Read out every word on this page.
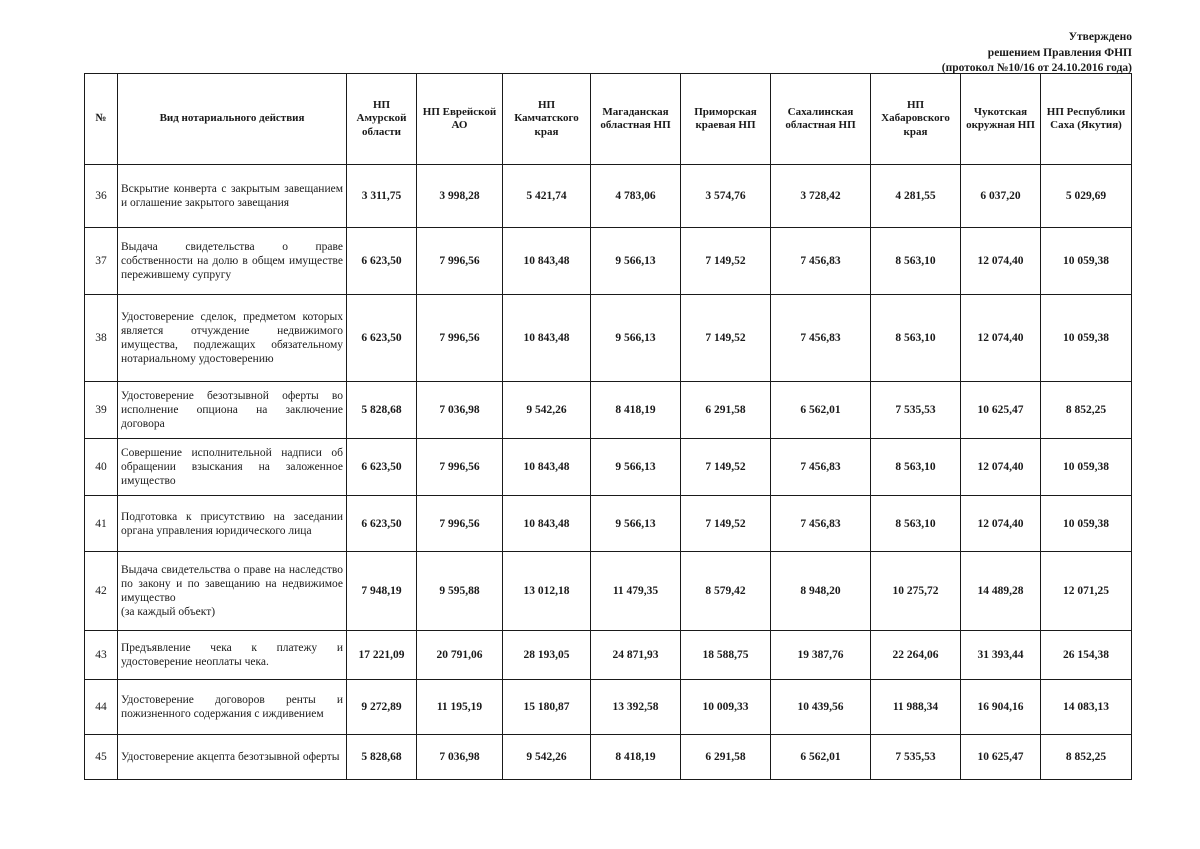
Утверждено
решением Правления ФНП
(протокол №10/16 от 24.10.2016 года)
№	Вид нотариального действия	НП Амурской области	НП Еврейской АО	НП Камчатского края	Магаданская областная НП	Приморская краевая НП	Сахалинская областная НП	НП Хабаровского края	Чукотская окружная НП	НП Республики Саха (Якутия)
36	Вскрытие конверта с закрытым завещанием и оглашение закрытого завещания	3 311,75	3 998,28	5 421,74	4 783,06	3 574,76	3 728,42	4 281,55	6 037,20	5 029,69
37	Выдача свидетельства о праве собственности на долю в общем имуществе пережившему супругу	6 623,50	7 996,56	10 843,48	9 566,13	7 149,52	7 456,83	8 563,10	12 074,40	10 059,38
38	Удостоверение сделок, предметом которых является отчуждение недвижимого имущества, подлежащих обязательному нотариальному удостоверению	6 623,50	7 996,56	10 843,48	9 566,13	7 149,52	7 456,83	8 563,10	12 074,40	10 059,38
39	Удостоверение безотзывной оферты во исполнение опциона на заключение договора	5 828,68	7 036,98	9 542,26	8 418,19	6 291,58	6 562,01	7 535,53	10 625,47	8 852,25
40	Совершение исполнительной надписи об обращении взыскания на заложенное имущество	6 623,50	7 996,56	10 843,48	9 566,13	7 149,52	7 456,83	8 563,10	12 074,40	10 059,38
41	Подготовка к присутствию на заседании органа управления юридического лица	6 623,50	7 996,56	10 843,48	9 566,13	7 149,52	7 456,83	8 563,10	12 074,40	10 059,38
42	Выдача свидетельства о праве на наследство по закону и по завещанию на недвижимое имущество
(за каждый объект)	7 948,19	9 595,88	13 012,18	11 479,35	8 579,42	8 948,20	10 275,72	14 489,28	12 071,25
43	Предъявление чека к платежу и удостоверение неоплаты чека.	17 221,09	20 791,06	28 193,05	24 871,93	18 588,75	19 387,76	22 264,06	31 393,44	26 154,38
44	Удостоверение договоров ренты и пожизненного содержания с иждивением	9 272,89	11 195,19	15 180,87	13 392,58	10 009,33	10 439,56	11 988,34	16 904,16	14 083,13
45	Удостоверение акцепта безотзывной оферты	5 828,68	7 036,98	9 542,26	8 418,19	6 291,58	6 562,01	7 535,53	10 625,47	8 852,25
